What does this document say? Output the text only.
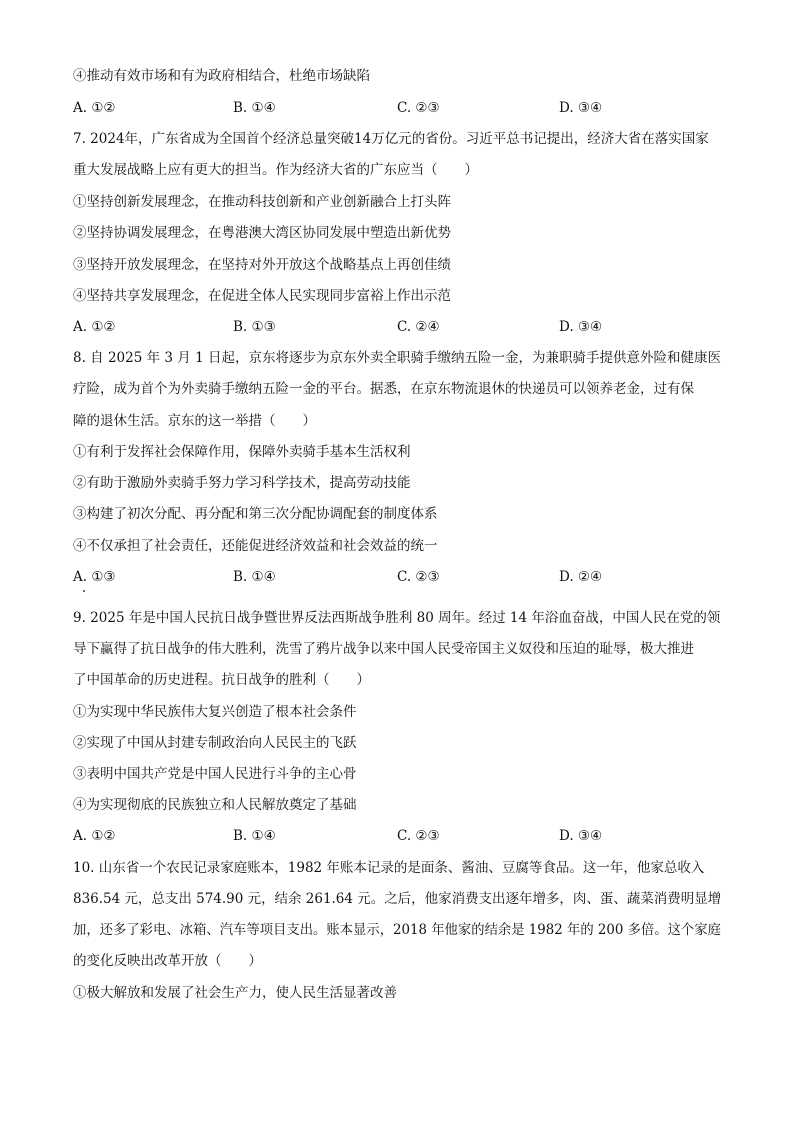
④推动有效市场和有为政府相结合，杜绝市场缺陷
A. ①②	B. ①④	C. ②③	D. ③④
7. 2024年，广东省成为全国首个经济总量突破14万亿元的省份。习近平总书记提出，经济大省在落实国家
重大发展战略上应有更大的担当。作为经济大省的广东应当（　　）
①坚持创新发展理念，在推动科技创新和产业创新融合上打头阵
②坚持协调发展理念，在粤港澳大湾区协同发展中塑造出新优势
③坚持开放发展理念，在坚持对外开放这个战略基点上再创佳绩
④坚持共享发展理念，在促进全体人民实现同步富裕上作出示范
A. ①②	B. ①③	C. ②④	D. ③④
8. 自 2025 年 3 月 1 日起，京东将逐步为京东外卖全职骑手缴纳五险一金，为兼职骑手提供意外险和健康医
疗险，成为首个为外卖骑手缴纳五险一金的平台。据悉，在京东物流退休的快递员可以领养老金，过有保
障的退休生活。京东的这一举措（　　）
①有利于发挥社会保障作用，保障外卖骑手基本生活权利
②有助于激励外卖骑手努力学习科学技术，提高劳动技能
③构建了初次分配、再分配和第三次分配协调配套的制度体系
④不仅承担了社会责任，还能促进经济效益和社会效益的统一
A. ①③	B. ①④	C. ②③	D. ②④
9. 2025 年是中国人民抗日战争暨世界反法西斯战争胜利 80 周年。经过 14 年浴血奋战，中国人民在党的领
导下赢得了抗日战争的伟大胜利，洗雪了鸦片战争以来中国人民受帝国主义奴役和压迫的耻辱，极大推进
了中国革命的历史进程。抗日战争的胜利（　　）
①为实现中华民族伟大复兴创造了根本社会条件
②实现了中国从封建专制政治向人民民主的飞跃
③表明中国共产党是中国人民进行斗争的主心骨
④为实现彻底的民族独立和人民解放奠定了基础
A. ①②	B. ①④	C. ②③	D. ③④
10. 山东省一个农民记录家庭账本，1982 年账本记录的是面条、酱油、豆腐等食品。这一年，他家总收入
836.54 元，总支出 574.90 元，结余 261.64 元。之后，他家消费支出逐年增多，肉、蛋、蔬菜消费明显增
加，还多了彩电、冰箱、汽车等项目支出。账本显示，2018 年他家的结余是 1982 年的 200 多倍。这个家庭
的变化反映出改革开放（　　）
①极大解放和发展了社会生产力，使人民生活显著改善
